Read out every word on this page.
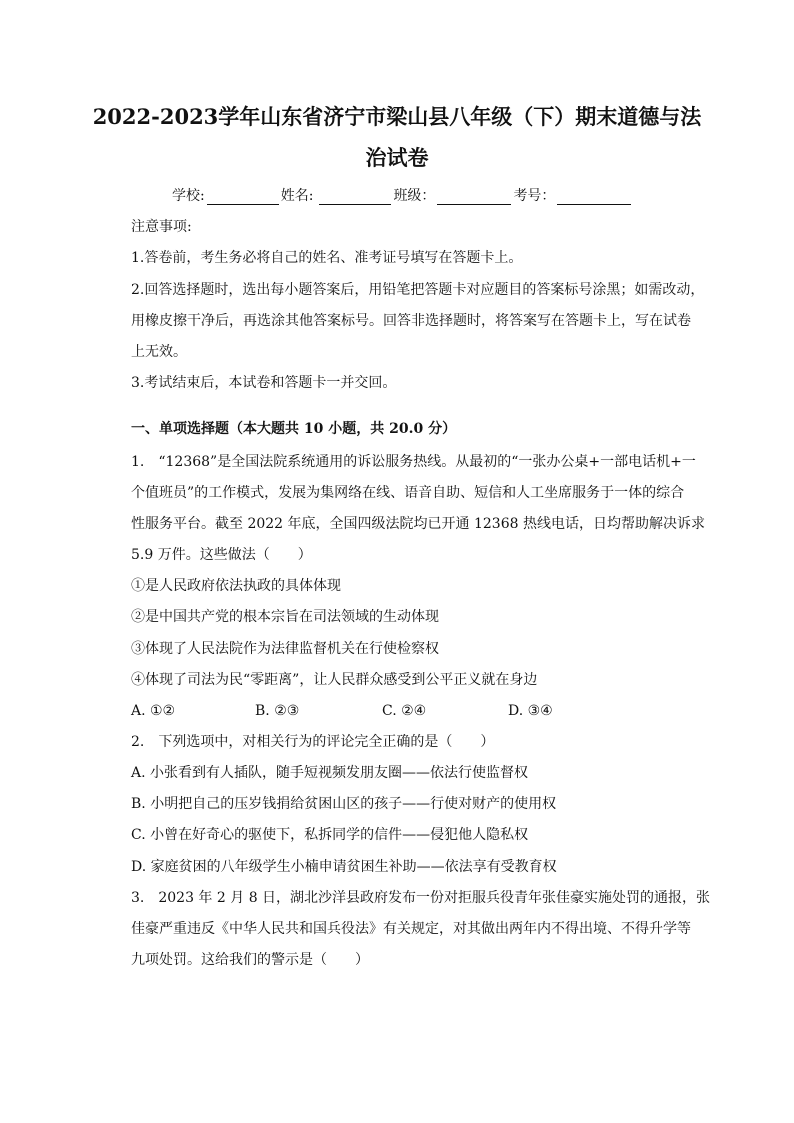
2022-2023学年山东省济宁市梁山县八年级（下）期末道德与法
治试卷
学校:	姓名:	班级：	考号：
注意事项:
1.答卷前，考生务必将自己的姓名、准考证号填写在答题卡上。
2.回答选择题时，选出每小题答案后，用铅笔把答题卡对应题目的答案标号涂黑；如需改动，
用橡皮擦干净后，再选涂其他答案标号。回答非选择题时，将答案写在答题卡上，写在试卷
上无效。
3.考试结束后，本试卷和答题卡一并交回。
一、单项选择题（本大题共 10 小题，共 20.0 分）
1.　“12368”是全国法院系统通用的诉讼服务热线。从最初的“一张办公桌+一部电话机+一
个值班员”的工作模式，发展为集网络在线、语音自助、短信和人工坐席服务于一体的综合
性服务平台。截至 2022 年底，全国四级法院均已开通 12368 热线电话，日均帮助解决诉求
5.9 万件。这些做法（　　）
①是人民政府依法执政的具体体现
②是中国共产党的根本宗旨在司法领域的生动体现
③体现了人民法院作为法律监督机关在行使检察权
④体现了司法为民“零距离”，让人民群众感受到公平正义就在身边
A. ①②	B. ②③	C. ②④	D. ③④
2.　下列选项中，对相关行为的评论完全正确的是（　　）
A. 小张看到有人插队，随手短视频发朋友圈——依法行使监督权
B. 小明把自己的压岁钱捐给贫困山区的孩子——行使对财产的使用权
C. 小曾在好奇心的驱使下，私拆同学的信件——侵犯他人隐私权
D. 家庭贫困的八年级学生小楠申请贫困生补助——依法享有受教育权
3.　2023 年 2 月 8 日，湖北沙洋县政府发布一份对拒服兵役青年张佳豪实施处罚的通报，张
佳豪严重违反《中华人民共和国兵役法》有关规定，对其做出两年内不得出境、不得升学等
九项处罚。这给我们的警示是（　　）
